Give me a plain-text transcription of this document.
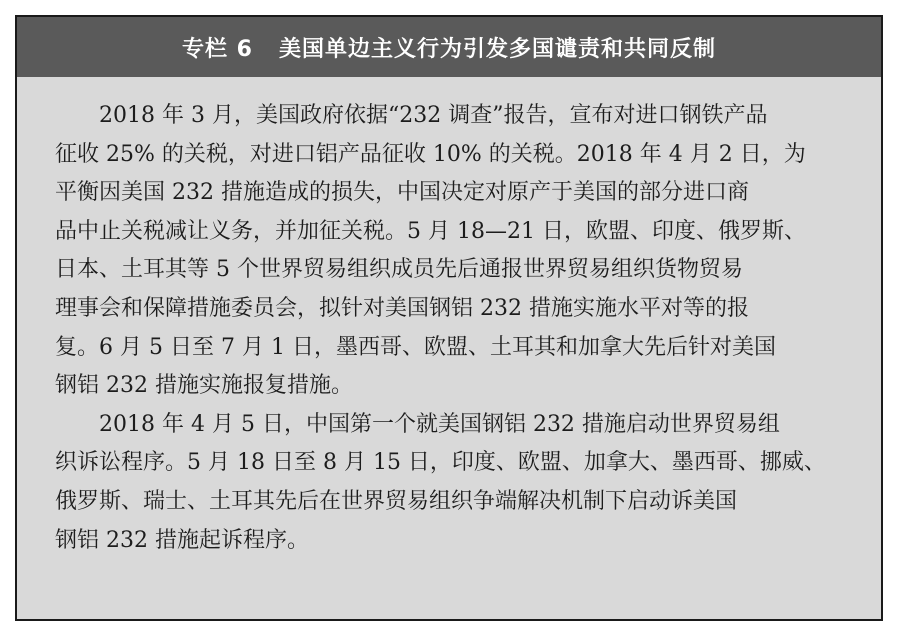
专栏 6 美国单边主义行为引发多国谴责和共同反制

2018 年 3 月，美国政府依据“232 调查”报告，宣布对进口钢铁产品
征收 25% 的关税，对进口铝产品征收 10% 的关税。2018 年 4 月 2 日，为
平衡因美国 232 措施造成的损失，中国决定对原产于美国的部分进口商
品中止关税减让义务，并加征关税。5 月 18—21 日，欧盟、印度、俄罗斯、
日本、土耳其等 5 个世界贸易组织成员先后通报世界贸易组织货物贸易
理事会和保障措施委员会，拟针对美国钢铝 232 措施实施水平对等的报
复。6 月 5 日至 7 月 1 日，墨西哥、欧盟、土耳其和加拿大先后针对美国
钢铝 232 措施实施报复措施。

2018 年 4 月 5 日，中国第一个就美国钢铝 232 措施启动世界贸易组
织诉讼程序。5 月 18 日至 8 月 15 日，印度、欧盟、加拿大、墨西哥、挪威、
俄罗斯、瑞士、土耳其先后在世界贸易组织争端解决机制下启动诉美国
钢铝 232 措施起诉程序。
